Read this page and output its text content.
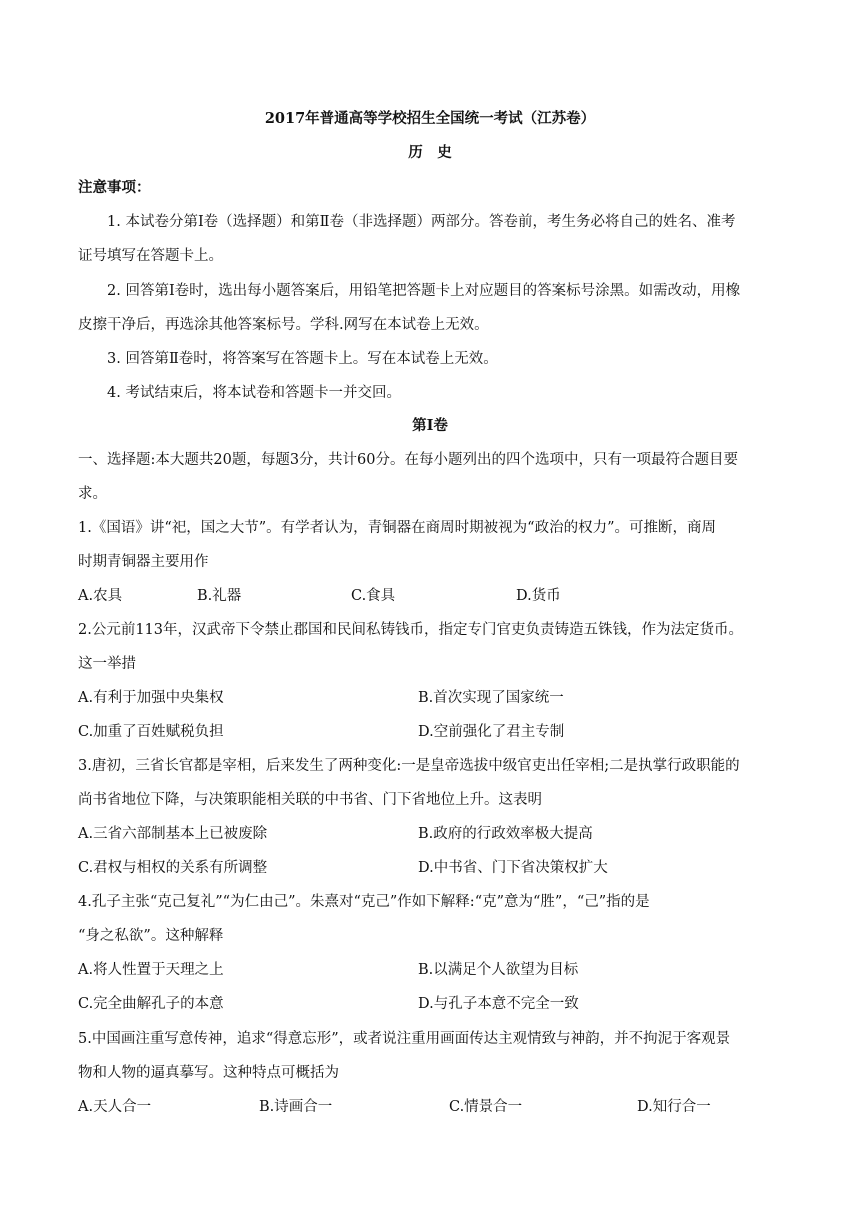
2017年普通高等学校招生全国统一考试（江苏卷）
历　史
注意事项：
1. 本试卷分第Ⅰ卷（选择题）和第Ⅱ卷（非选择题）两部分。答卷前，考生务必将自己的姓名、准考
证号填写在答题卡上。
2. 回答第Ⅰ卷时，选出每小题答案后，用铅笔把答题卡上对应题目的答案标号涂黑。如需改动，用橡
皮擦干净后，再选涂其他答案标号。学科.网写在本试卷上无效。
3. 回答第Ⅱ卷时，将答案写在答题卡上。写在本试卷上无效。
4. 考试结束后，将本试卷和答题卡一并交回。
第Ⅰ卷
一、选择题:本大题共20题，每题3分，共计60分。在每小题列出的四个选项中，只有一项最符合题目要
求。
1.《国语》讲“祀，国之大节”。有学者认为，青铜器在商周时期被视为“政治的权力”。可推断，商周
时期青铜器主要用作
A.农具	B.礼器	C.食具	D.货币
2.公元前113年，汉武帝下令禁止郡国和民间私铸钱币，指定专门官吏负责铸造五铢钱，作为法定货币。
这一举措
A.有利于加强中央集权	B.首次实现了国家统一
C.加重了百姓赋税负担	D.空前强化了君主专制
3.唐初，三省长官都是宰相，后来发生了两种变化:一是皇帝选拔中级官吏出任宰相;二是执掌行政职能的
尚书省地位下降，与决策职能相关联的中书省、门下省地位上升。这表明
A.三省六部制基本上已被废除	B.政府的行政效率极大提高
C.君权与相权的关系有所调整	D.中书省、门下省决策权扩大
4.孔子主张“克己复礼”“为仁由己”。朱熹对“克己”作如下解释:“克”意为“胜”，“己”指的是
“身之私欲”。这种解释
A.将人性置于天理之上	B.以满足个人欲望为目标
C.完全曲解孔子的本意	D.与孔子本意不完全一致
5.中国画注重写意传神，追求“得意忘形”，或者说注重用画面传达主观情致与神韵，并不拘泥于客观景
物和人物的逼真摹写。这种特点可概括为
A.天人合一	B.诗画合一	C.情景合一	D.知行合一
